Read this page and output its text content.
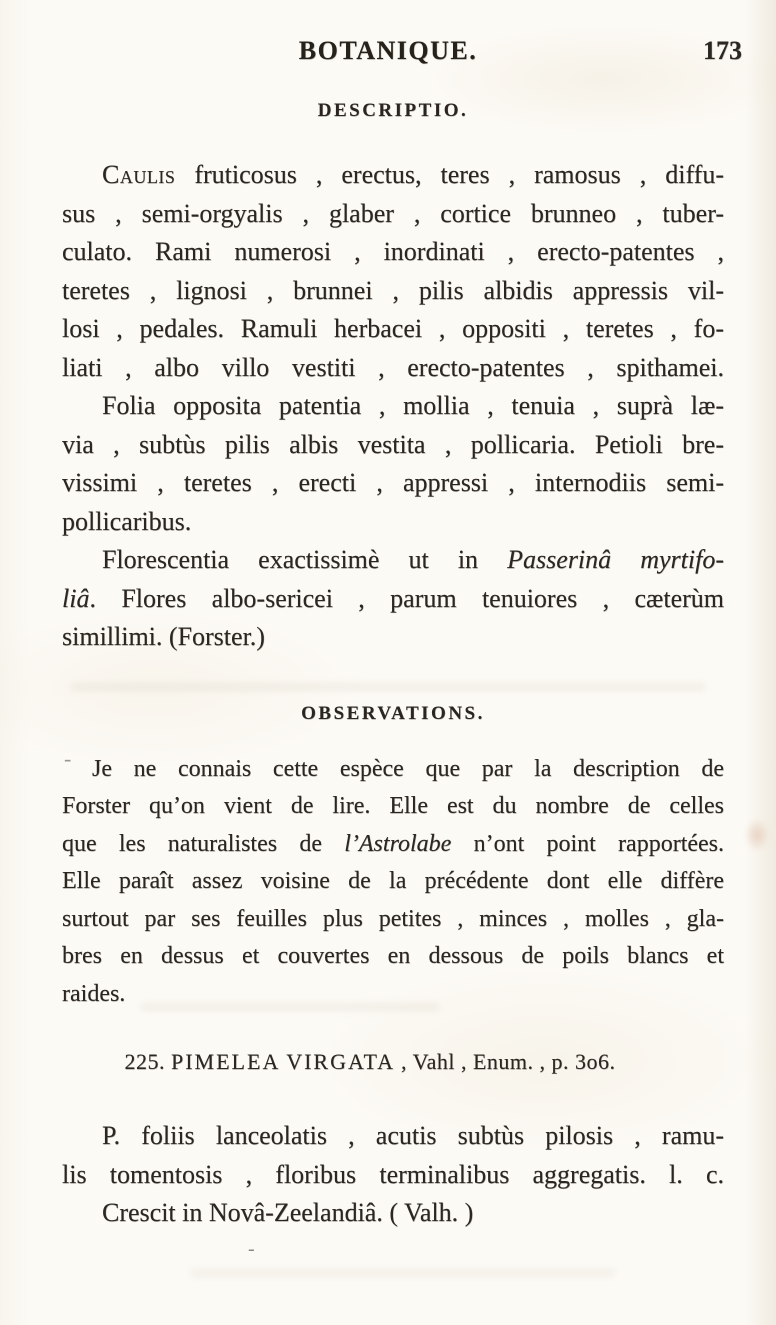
BOTANIQUE.	173
DESCRIPTIO.
Caulis fruticosus , erectus, teres , ramosus , diffu-
sus , semi-orgyalis , glaber , cortice brunneo , tuber-
culato. Rami numerosi , inordinati , erecto-patentes ,
teretes , lignosi , brunnei , pilis albidis appressis vil-
losi , pedales. Ramuli herbacei , oppositi , teretes , fo-
liati , albo villo vestiti , erecto-patentes , spithamei.
Folia opposita patentia , mollia , tenuia , suprà læ-
via , subtùs pilis albis vestita , pollicaria. Petioli bre-
vissimi , teretes , erecti , appressi , internodiis semi-
pollicaribus.
Florescentia exactissimè ut in Passerinâ myrtifo-
liâ. Flores albo-sericei , parum tenuiores , cæterùm
simillimi. (Forster.)
OBSERVATIONS.
Je ne connais cette espèce que par la description de
Forster qu’on vient de lire. Elle est du nombre de celles
que les naturalistes de l’Astrolabe n’ont point rapportées.
Elle paraît assez voisine de la précédente dont elle diffère
surtout par ses feuilles plus petites , minces , molles , gla-
bres en dessus et couvertes en dessous de poils blancs et
raides.
225. PIMELEA VIRGATA , Vahl , Enum. , p. 3o6.
P. foliis lanceolatis , acutis subtùs pilosis , ramu-
lis tomentosis , floribus terminalibus aggregatis. l. c.
Crescit in Novâ-Zeelandiâ. ( Valh. )
-
-
